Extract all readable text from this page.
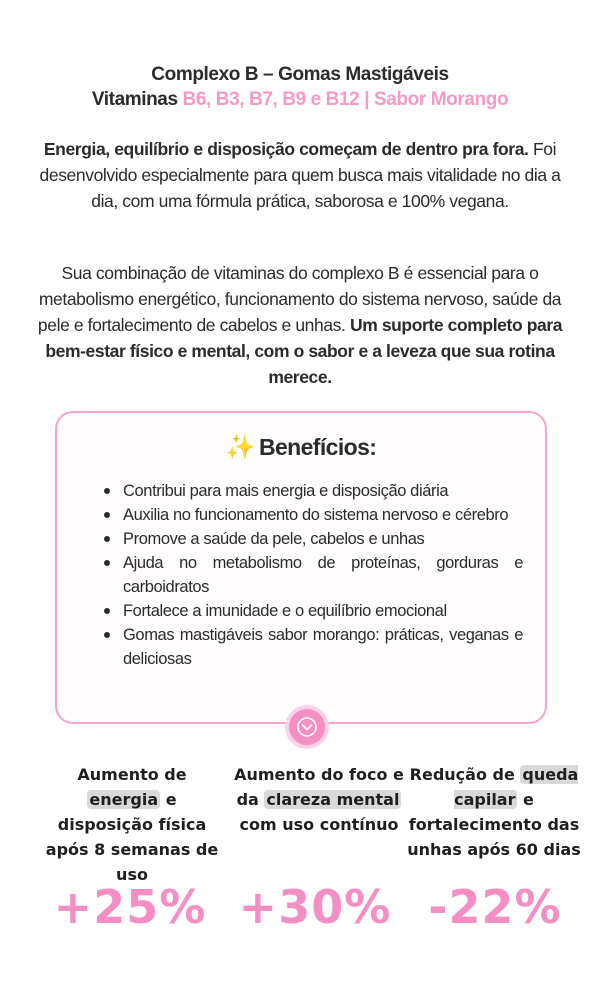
Complexo B – Gomas Mastigáveis
Vitaminas B6, B3, B7, B9 e B12 | Sabor Morango
Energia, equilíbrio e disposição começam de dentro pra fora. Foi desenvolvido especialmente para quem busca mais vitalidade no dia a dia, com uma fórmula prática, saborosa e 100% vegana.
Sua combinação de vitaminas do complexo B é essencial para o metabolismo energético, funcionamento do sistema nervoso, saúde da pele e fortalecimento de cabelos e unhas. Um suporte completo para bem-estar físico e mental, com o sabor e a leveza que sua rotina merece.
✨ Benefícios:
Contribui para mais energia e disposição diária
Auxilia no funcionamento do sistema nervoso e cérebro
Promove a saúde da pele, cabelos e unhas
Ajuda no metabolismo de proteínas, gorduras e carboidratos
Fortalece a imunidade e o equilíbrio emocional
Gomas mastigáveis sabor morango: práticas, veganas e deliciosas
Aumento de energia e disposição física após 8 semanas de uso
Aumento do foco e da clareza mental com uso contínuo
Redução de queda capilar e fortalecimento das unhas após 60 dias
+25% +30% -22%
